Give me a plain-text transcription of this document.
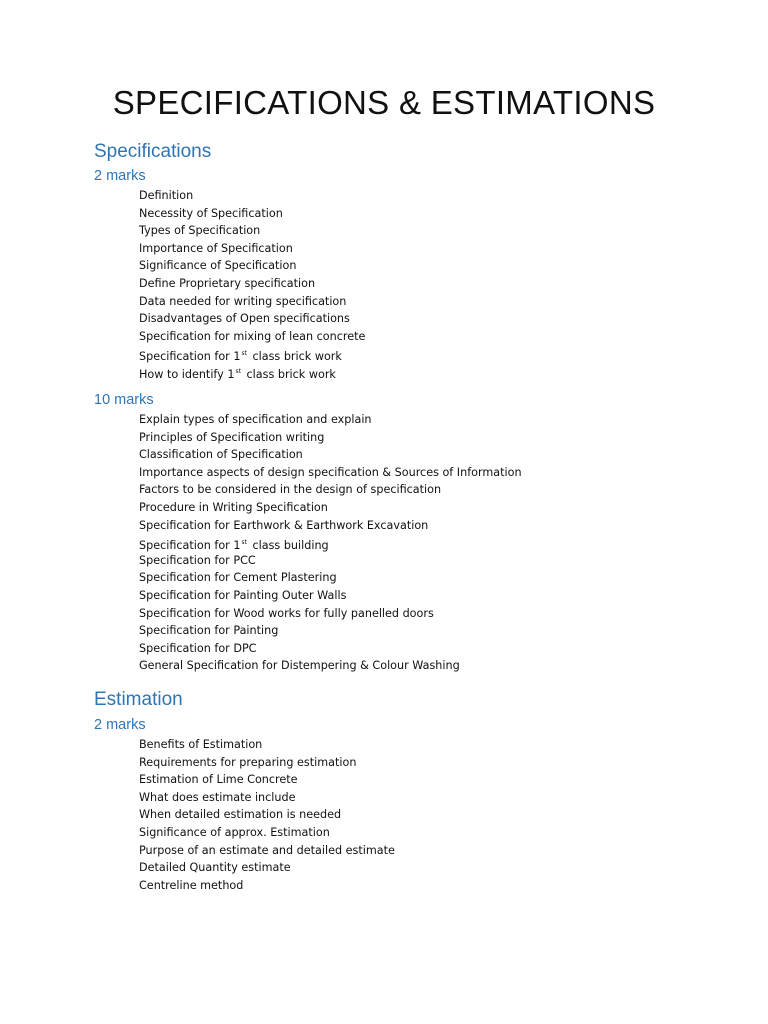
SPECIFICATIONS & ESTIMATIONS
Specifications
2 marks
Definition
Necessity of Specification
Types of Specification
Importance of Specification
Significance of Specification
Define Proprietary specification
Data needed for writing specification
Disadvantages of Open specifications
Specification for mixing of lean concrete
Specification for 1st class brick work
How to identify 1st class brick work
10 marks
Explain types of specification and explain
Principles of Specification writing
Classification of Specification
Importance aspects of design specification & Sources of Information
Factors to be considered in the design of specification
Procedure in Writing Specification
Specification for Earthwork & Earthwork Excavation
Specification for 1st class building
Specification for PCC
Specification for Cement Plastering
Specification for Painting Outer Walls
Specification for Wood works for fully panelled doors
Specification for Painting
Specification for DPC
General Specification for Distempering & Colour Washing
Estimation
2 marks
Benefits of Estimation
Requirements for preparing estimation
Estimation of Lime Concrete
What does estimate include
When detailed estimation is needed
Significance of approx. Estimation
Purpose of an estimate and detailed estimate
Detailed Quantity estimate
Centreline method
